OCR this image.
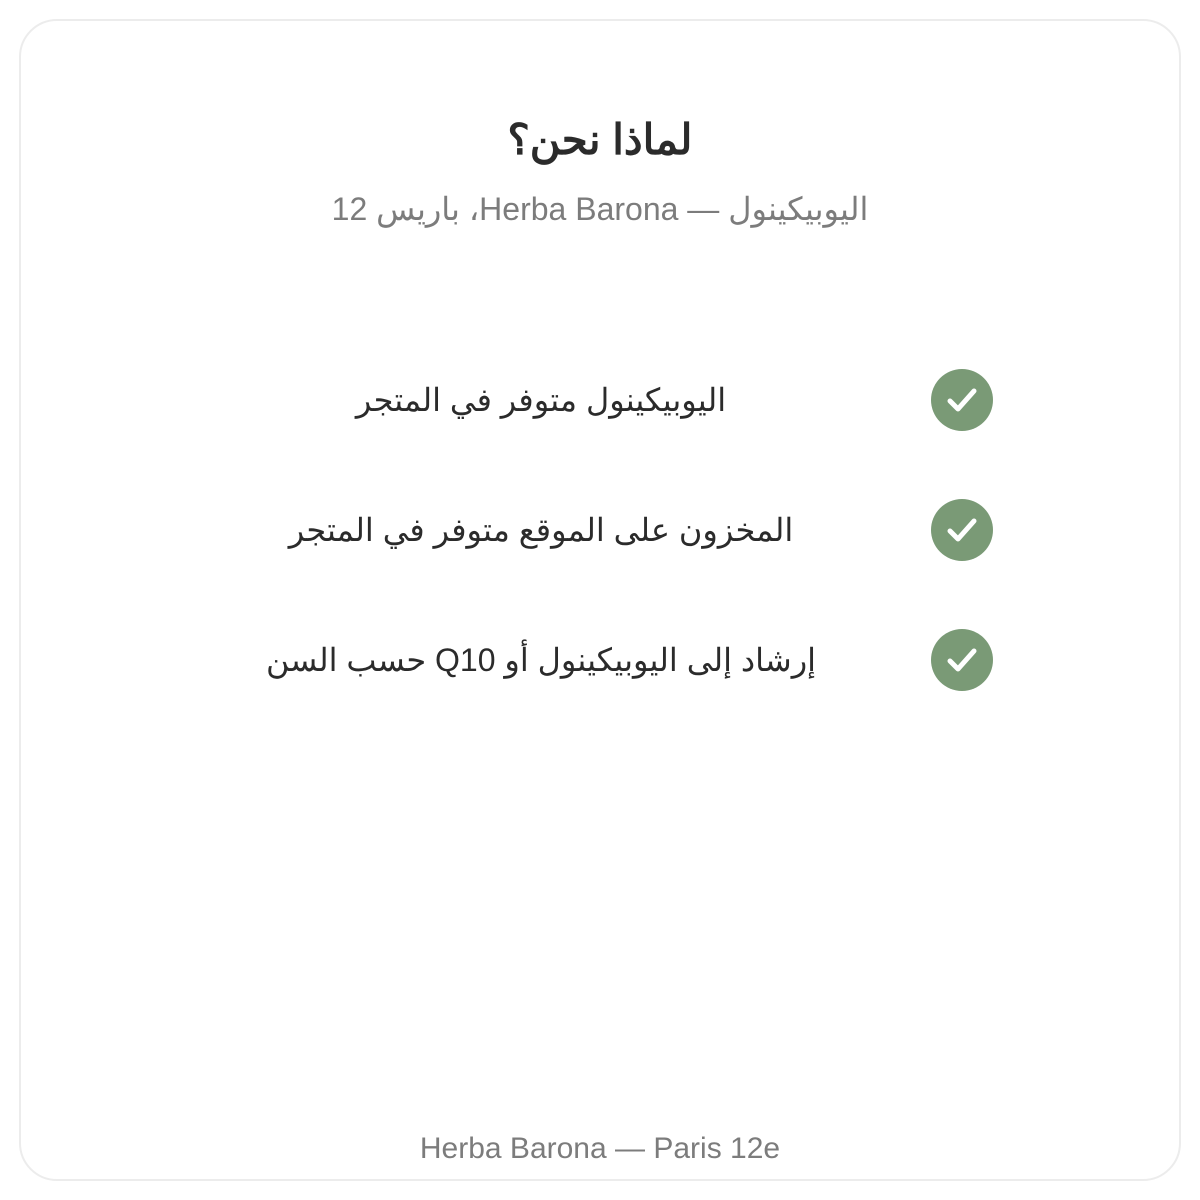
لماذا نحن؟
اليوبيكينول — Herba Barona، باريس 12
اليوبيكينول متوفر في المتجر
المخزون على الموقع متوفر في المتجر
إرشاد إلى اليوبيكينول أو Q10 حسب السن
Herba Barona — Paris 12e
